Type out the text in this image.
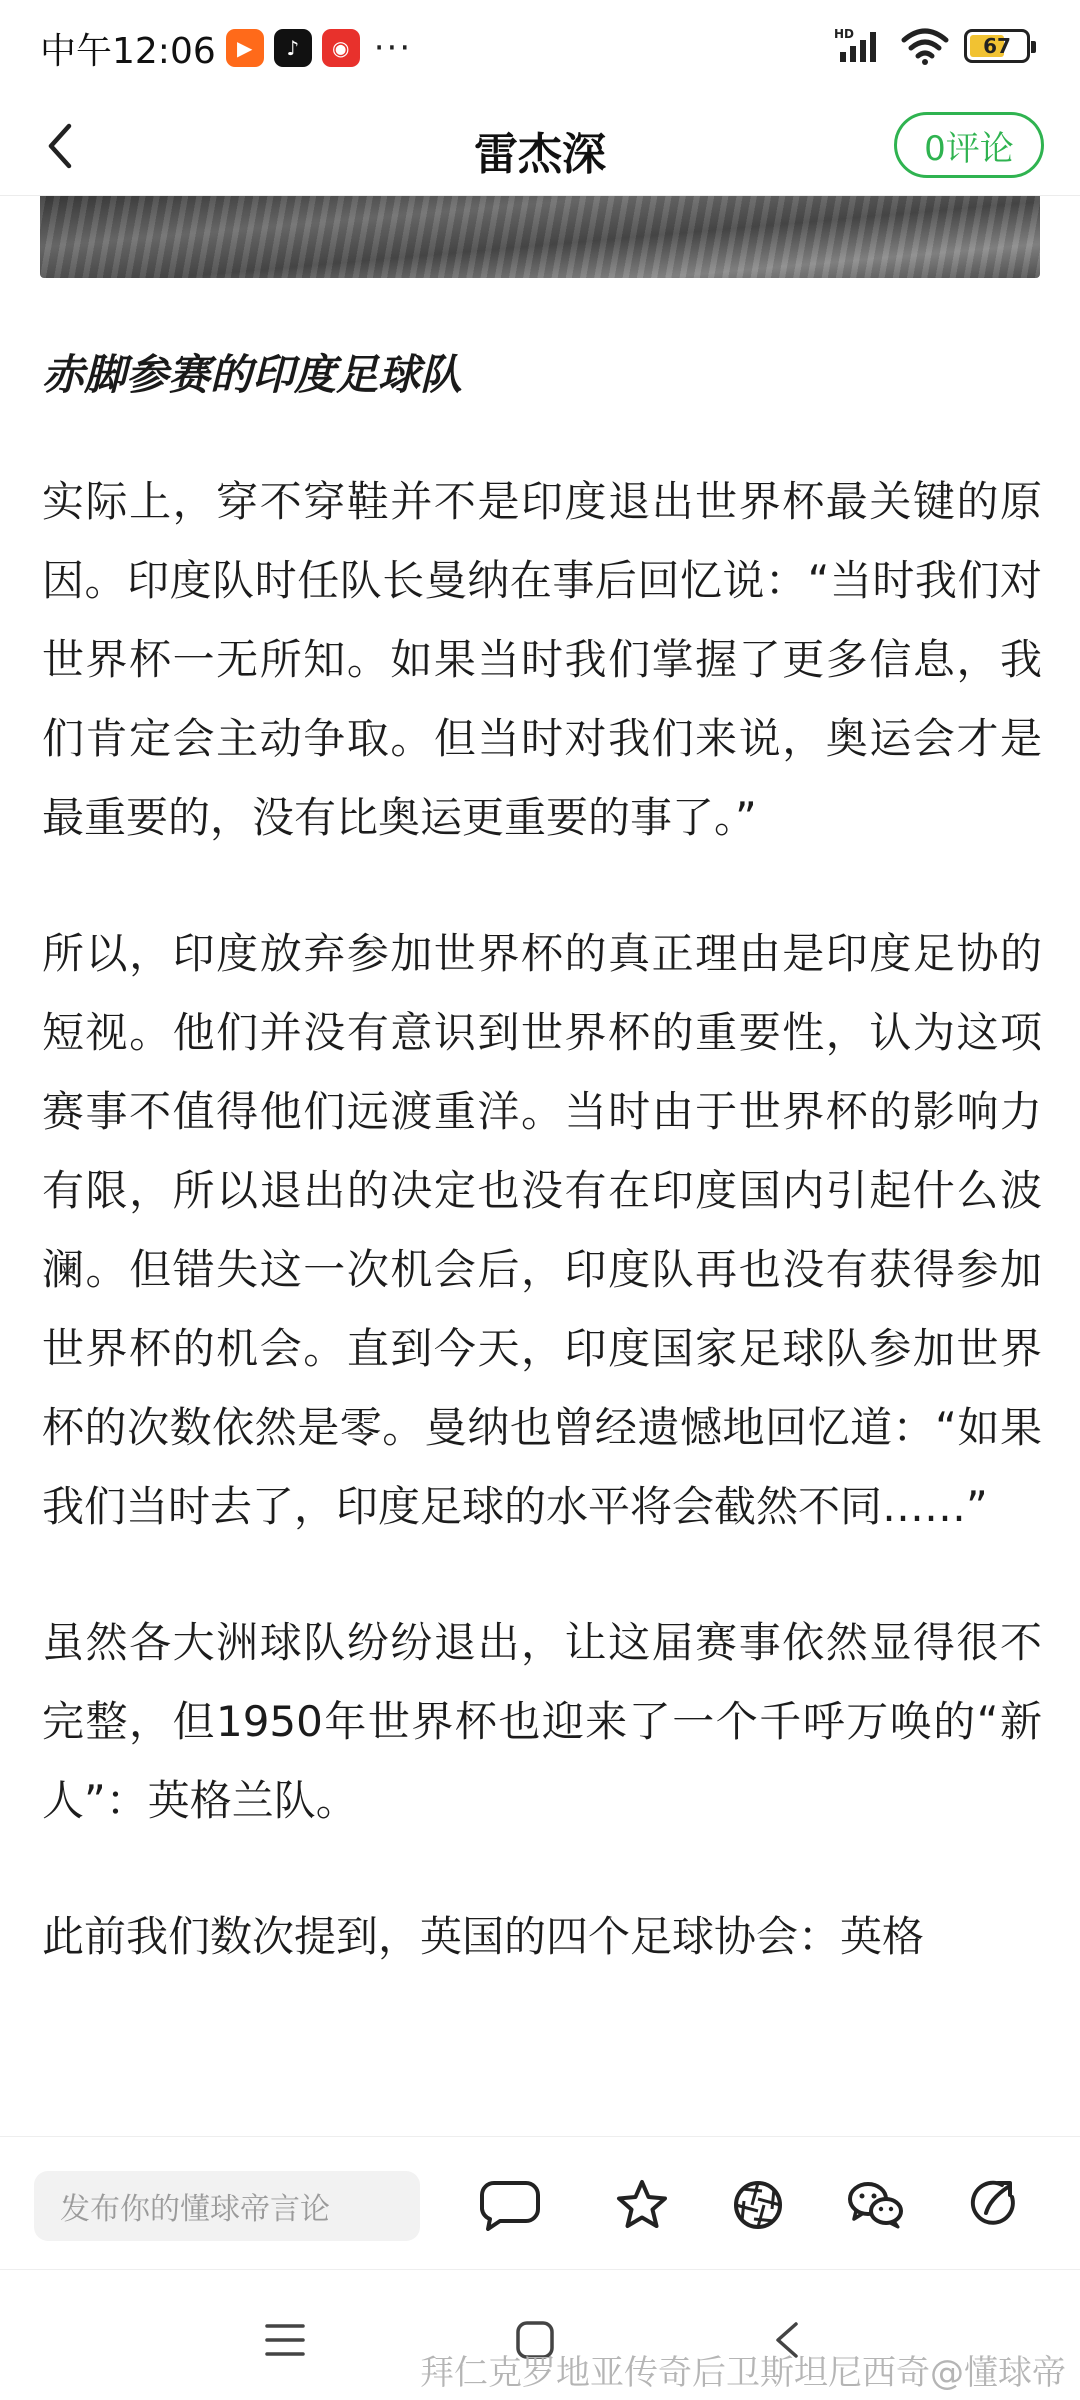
中午12:06	▶	♪	◉ ···	HD	67
雷杰深	0评论
赤脚参赛的印度足球队

实际上，穿不穿鞋并不是印度退出世界杯最关键的原因。印度队时任队长曼纳在事后回忆说：“当时我们对世界杯一无所知。如果当时我们掌握了更多信息，我们肯定会主动争取。但当时对我们来说，奥运会才是最重要的，没有比奥运更重要的事了。”

所以，印度放弃参加世界杯的真正理由是印度足协的短视。他们并没有意识到世界杯的重要性，认为这项赛事不值得他们远渡重洋。当时由于世界杯的影响力有限，所以退出的决定也没有在印度国内引起什么波澜。但错失这一次机会后，印度队再也没有获得参加世界杯的机会。直到今天，印度国家足球队参加世界杯的次数依然是零。曼纳也曾经遗憾地回忆道：“如果我们当时去了，印度足球的水平将会截然不同……”

虽然各大洲球队纷纷退出，让这届赛事依然显得很不完整，但1950年世界杯也迎来了一个千呼万唤的“新人”：英格兰队。

此前我们数次提到，英国的四个足球协会：英格

发布你的懂球帝言论
拜仁克罗地亚传奇后卫斯坦尼西奇@懂球帝
